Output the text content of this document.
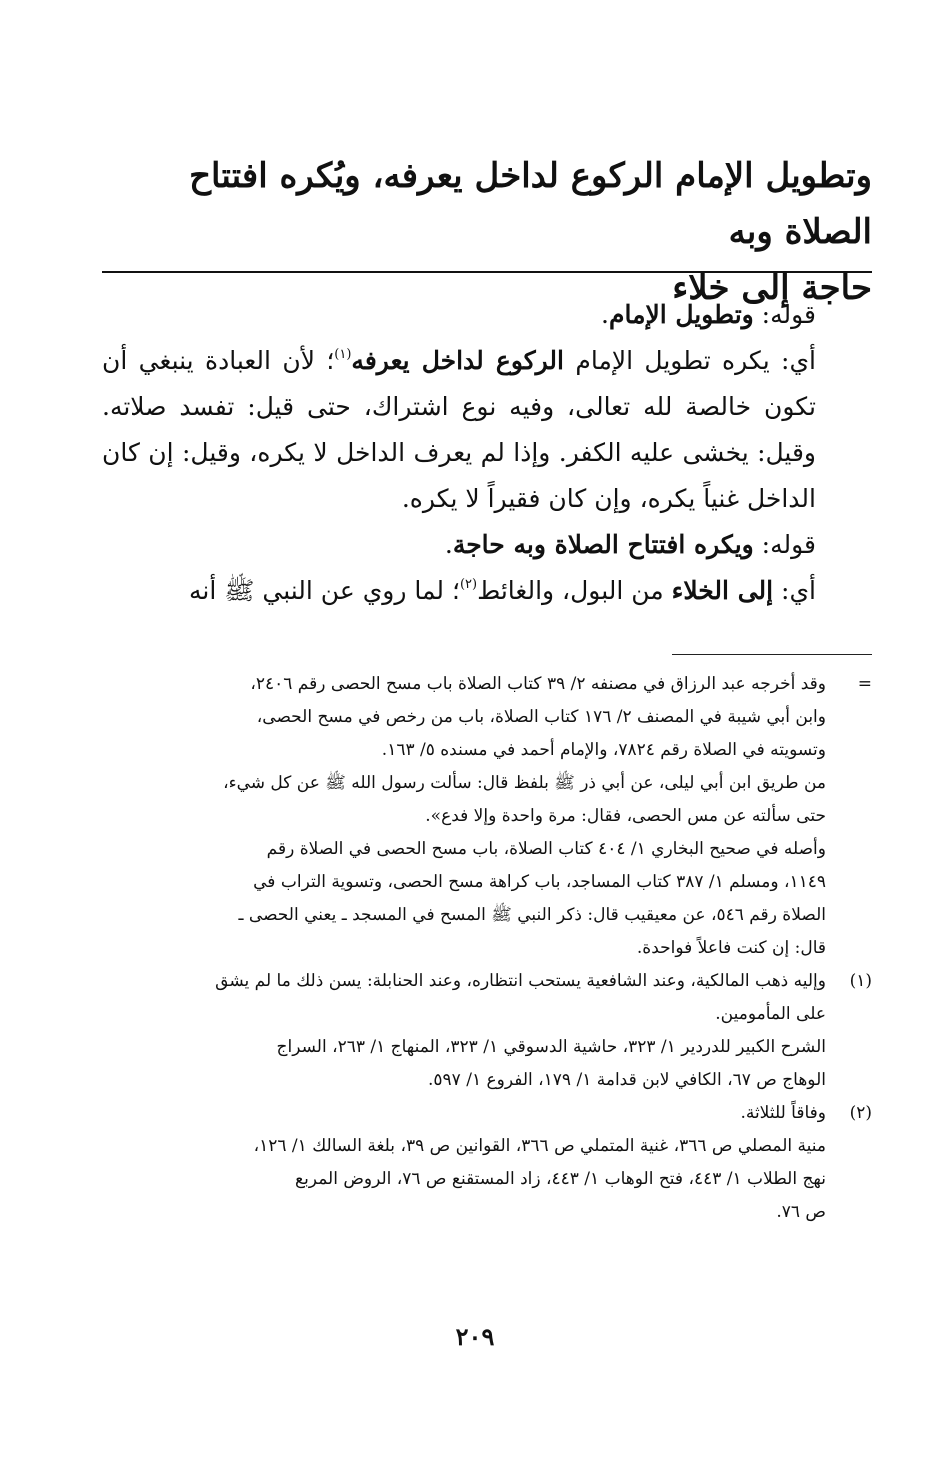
وتطويل الإمام الركوع لداخل يعرفه، ويُكره افتتاح الصلاة وبه
حاجة إلى خلاء

قوله: وتطويل الإمام.

أي: يكره تطويل الإمام الركوع لداخل يعرفه$^{(١)}$؛ لأن العبادة ينبغي أن تكون خالصة لله تعالى، وفيه نوع اشتراك، حتى قيل: تفسد صلاته. وقيل: يخشى عليه الكفر. وإذا لم يعرف الداخل لا يكره، وقيل: إن كان الداخل غنياً يكره، وإن كان فقيراً لا يكره.

قوله: ويكره افتتاح الصلاة وبه حاجة.

أي: إلى الخلاء من البول، والغائط$^{(٢)}$؛ لما روي عن النبي ﷺ أنه

=
وقد أخرجه عبد الرزاق في مصنفه ٢/ ٣٩ كتاب الصلاة باب مسح الحصى رقم ٢٤٠٦،
وابن أبي شيبة في المصنف ٢/ ١٧٦ كتاب الصلاة، باب من رخص في مسح الحصى،
وتسويته في الصلاة رقم ٧٨٢٤، والإمام أحمد في مسنده ٥/ ١٦٣.
من طريق ابن أبي ليلى، عن أبي ذر ﷺ بلفظ قال: سألت رسول الله ﷺ عن كل شيء،
حتى سألته عن مس الحصى، فقال: مرة واحدة وإلا فدع».
وأصله في صحيح البخاري ١/ ٤٠٤ كتاب الصلاة، باب مسح الحصى في الصلاة رقم
١١٤٩، ومسلم ١/ ٣٨٧ كتاب المساجد، باب كراهة مسح الحصى، وتسوية التراب في
الصلاة رقم ٥٤٦، عن معيقيب قال: ذكر النبي ﷺ المسح في المسجد ـ يعني الحصى ـ
قال: إن كنت فاعلاً فواحدة.
(١)
وإليه ذهب المالكية، وعند الشافعية يستحب انتظاره، وعند الحنابلة: يسن ذلك ما لم يشق
على المأمومين.
الشرح الكبير للدردير ١/ ٣٢٣، حاشية الدسوقي ١/ ٣٢٣، المنهاج ١/ ٢٦٣، السراج
الوهاج ص ٦٧، الكافي لابن قدامة ١/ ١٧٩، الفروع ١/ ٥٩٧.
(٢)
وفاقاً للثلاثة.
منية المصلي ص ٣٦٦، غنية المتملي ص ٣٦٦، القوانين ص ٣٩، بلغة السالك ١/ ١٢٦،
نهج الطلاب ١/ ٤٤٣، فتح الوهاب ١/ ٤٤٣، زاد المستقنع ص ٧٦، الروض المربع
ص ٧٦.
٢٠٩
